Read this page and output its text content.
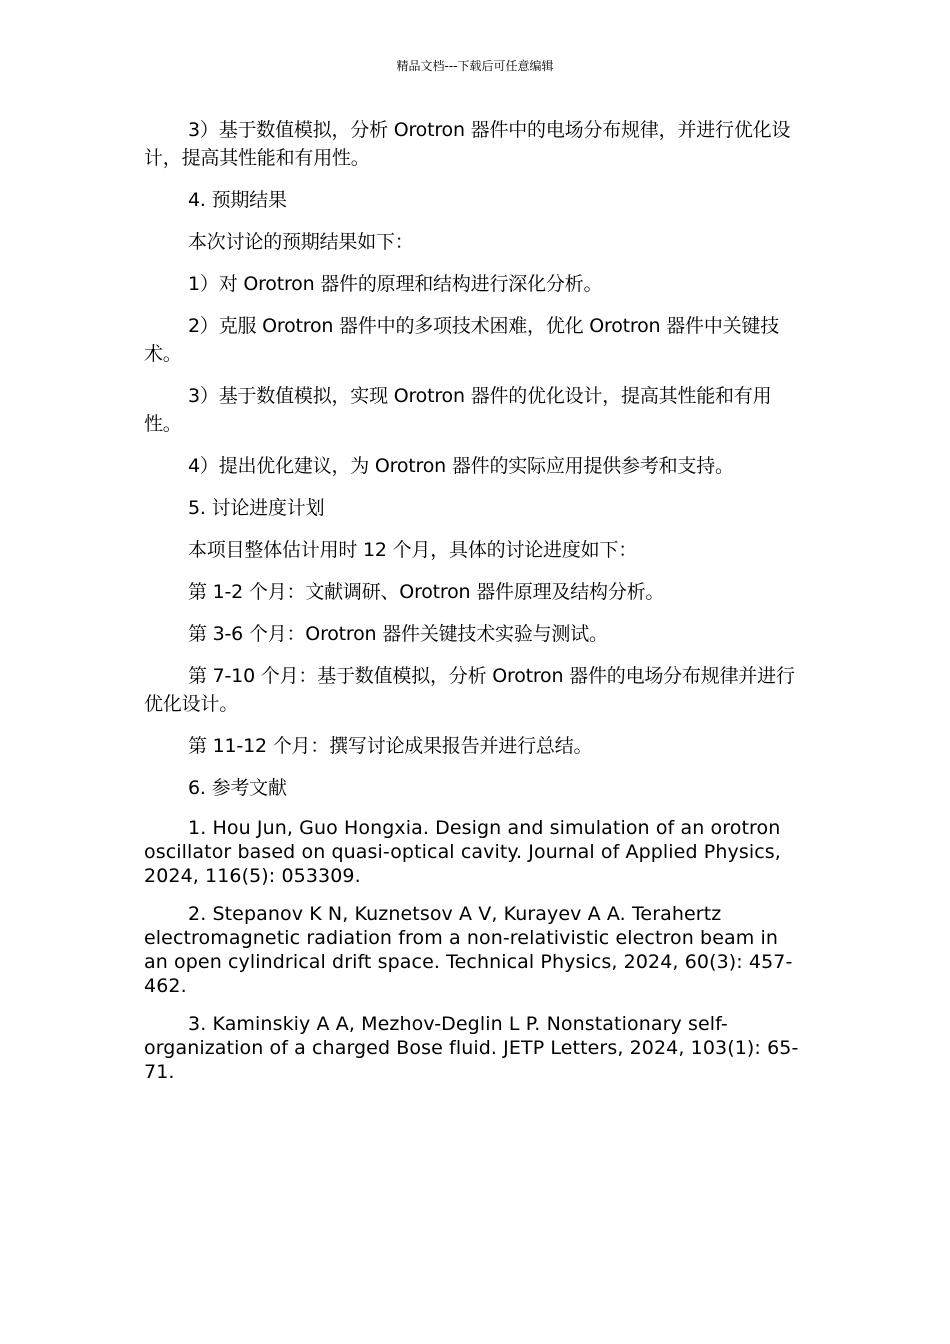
精品文档---下载后可任意编辑

3）基于数值模拟，分析 Orotron 器件中的电场分布规律，并进行优化设计，提高其性能和有用性。

4. 预期结果

本次讨论的预期结果如下：

1）对 Orotron 器件的原理和结构进行深化分析。

2）克服 Orotron 器件中的多项技术困难，优化 Orotron 器件中关键技术。

3）基于数值模拟，实现 Orotron 器件的优化设计，提高其性能和有用性。

4）提出优化建议，为 Orotron 器件的实际应用提供参考和支持。

5. 讨论进度计划

本项目整体估计用时 12 个月，具体的讨论进度如下：

第 1-2 个月：文献调研、Orotron 器件原理及结构分析。

第 3-6 个月：Orotron 器件关键技术实验与测试。

第 7-10 个月：基于数值模拟，分析 Orotron 器件的电场分布规律并进行优化设计。

第 11-12 个月：撰写讨论成果报告并进行总结。

6. 参考文献

1. Hou Jun, Guo Hongxia. Design and simulation of an orotron oscillator based on quasi-optical cavity. Journal of Applied Physics, 2024, 116(5): 053309.

2. Stepanov K N, Kuznetsov A V, Kurayev A A. Terahertz electromagnetic radiation from a non-relativistic electron beam in an open cylindrical drift space. Technical Physics, 2024, 60(3): 457-462.

3. Kaminskiy A A, Mezhov-Deglin L P. Nonstationary self-organization of a charged Bose fluid. JETP Letters, 2024, 103(1): 65-71.
